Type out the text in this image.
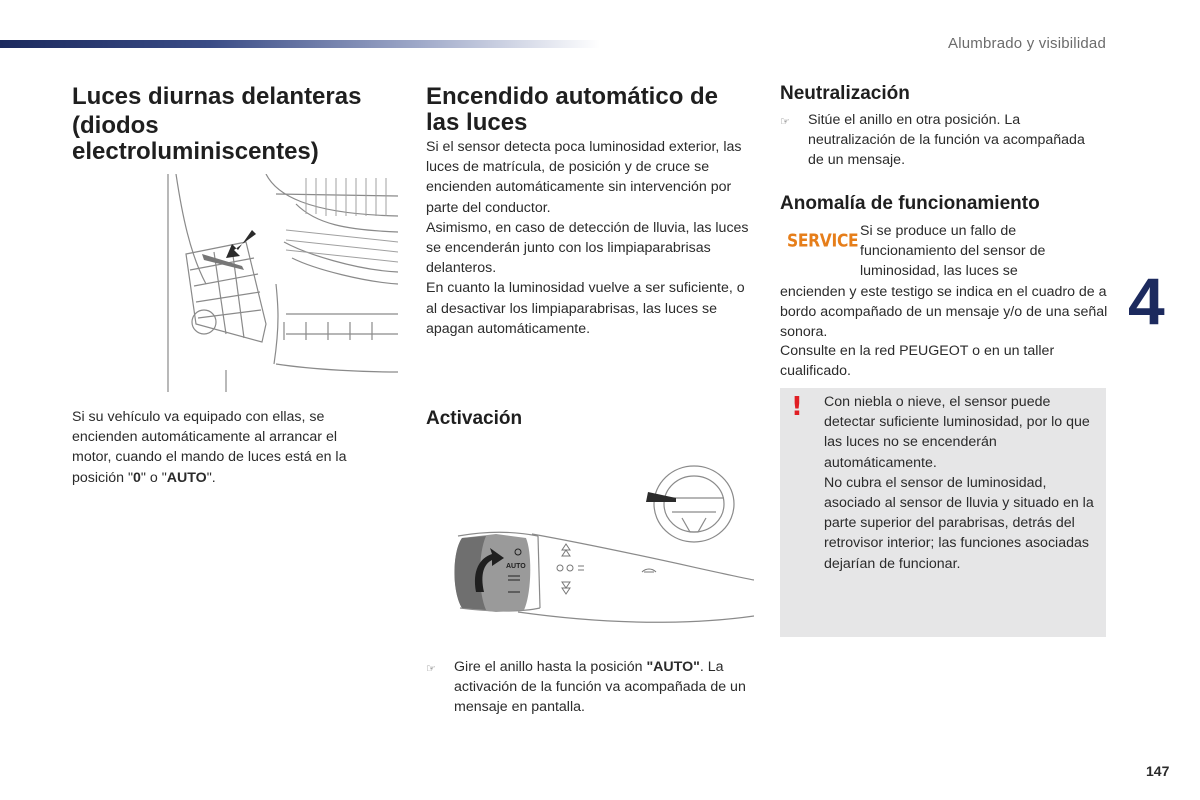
Alumbrado y visibilidad
4
147
Luces diurnas delanteras
(diodos electroluminiscentes)

Si su vehículo va equipado con ellas, se encienden automáticamente al arrancar el motor, cuando el mando de luces está en la posición "0" o "AUTO".

Encendido automático de las luces

Si el sensor detecta poca luminosidad exterior, las luces de matrícula, de posición y de cruce se encienden automáticamente sin intervención por parte del conductor.

Asimismo, en caso de detección de lluvia, las luces se encenderán junto con los limpiaparabrisas delanteros.

En cuanto la luminosidad vuelve a ser suficiente, o al desactivar los limpiaparabrisas, las luces se apagan automáticamente.

Activación
AUTO
☞	Gire el anillo hasta la posición "AUTO". La activación de la función va acompañada de un mensaje en pantalla.

Neutralización
☞	Sitúe el anillo en otra posición. La neutralización de la función va acompañada de un mensaje.

Anomalía de funcionamiento
SERVICE Si se produce un fallo de funcionamiento del sensor de luminosidad, las luces se
encienden y este testigo se indica en el cuadro de a bordo acompañado de un mensaje y/o de una señal sonora.
Consulte en la red PEUGEOT o en un taller cualificado.
! Con niebla o nieve, el sensor puede detectar suficiente luminosidad, por lo que las luces no se encenderán automáticamente.

No cubra el sensor de luminosidad, asociado al sensor de lluvia y situado en la parte superior del parabrisas, detrás del retrovisor interior; las funciones asociadas dejarían de funcionar.
